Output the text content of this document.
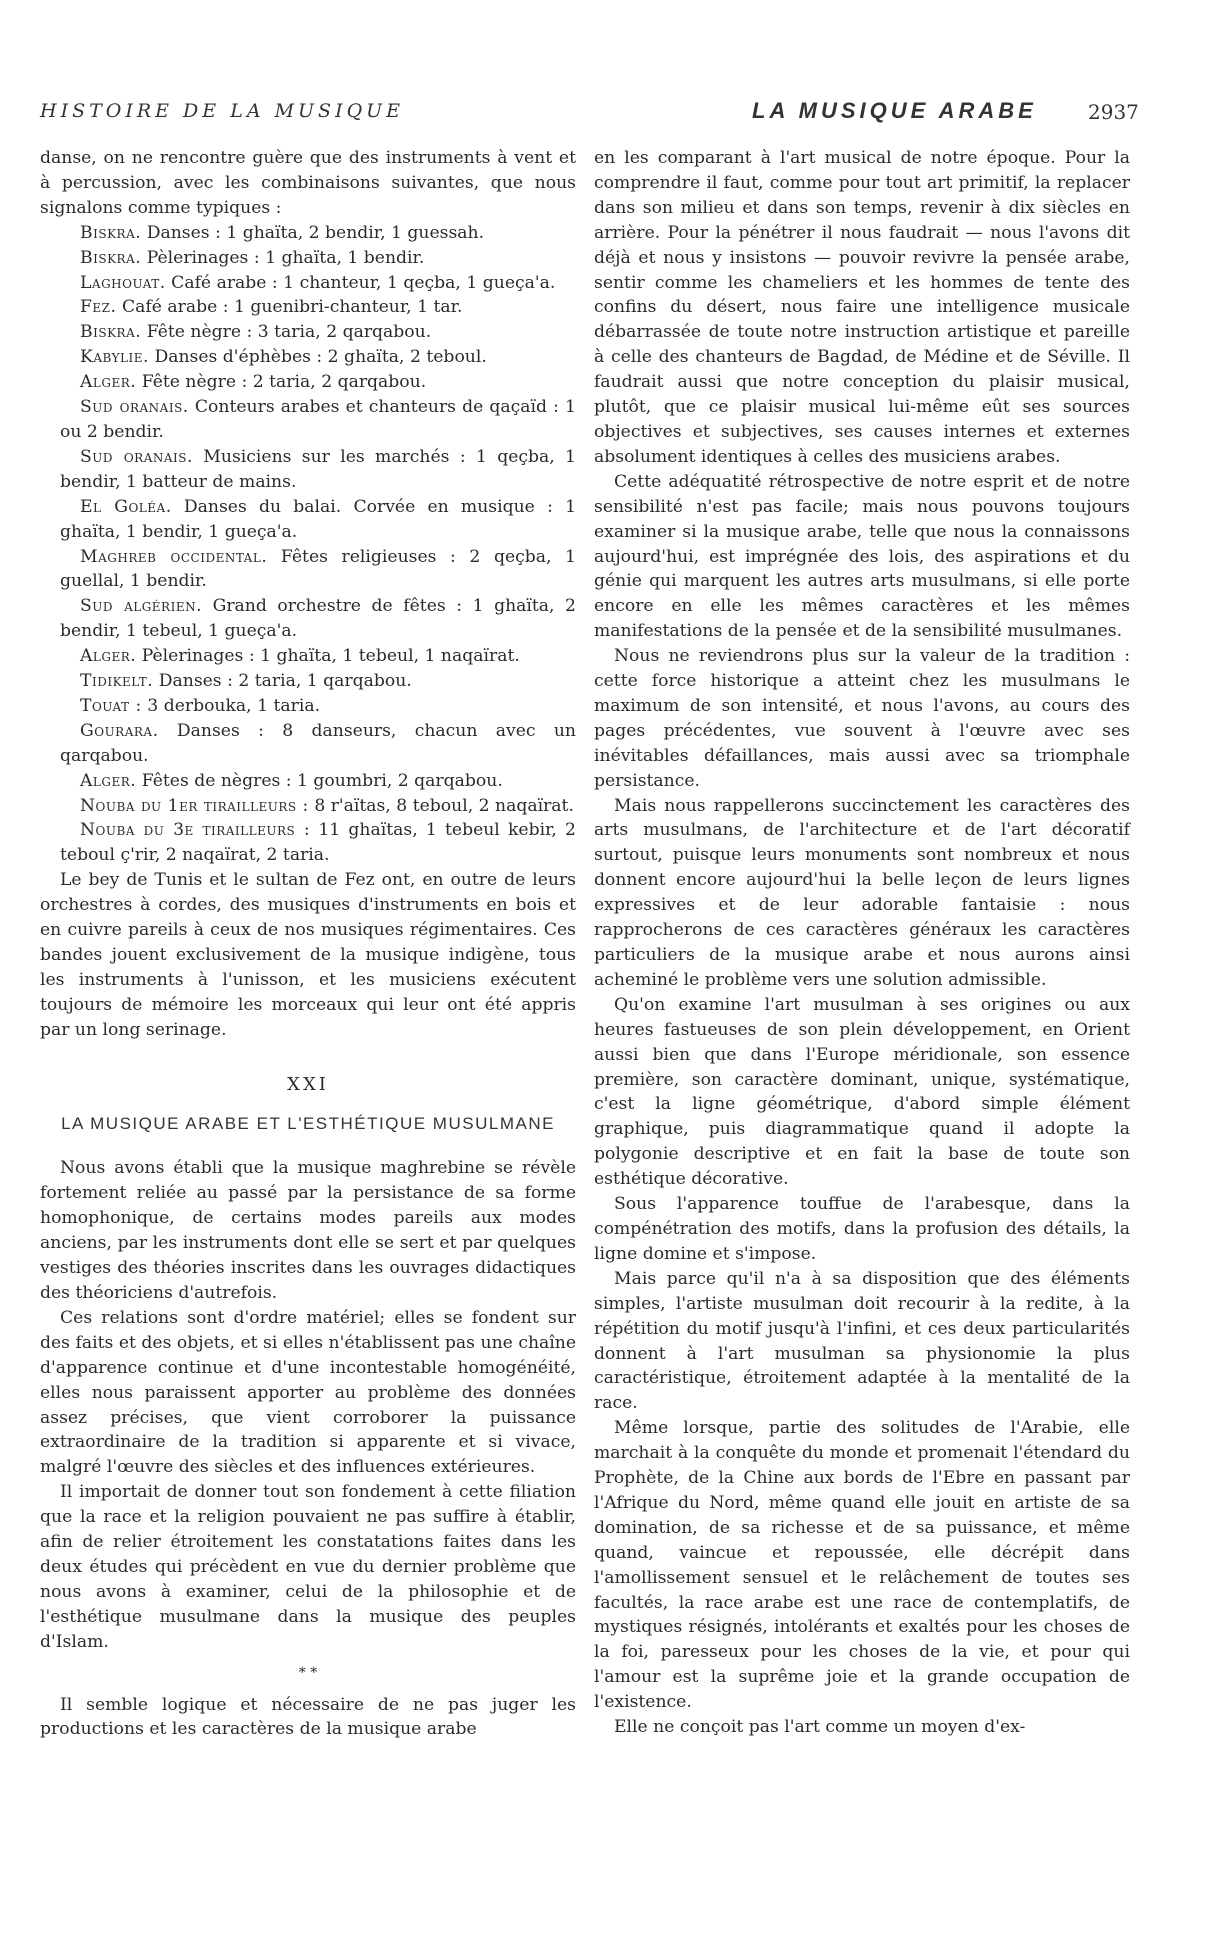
HISTOIRE DE LA MUSIQUE	LA MUSIQUE ARABE	2937

danse, on ne rencontre guère que des instruments à vent et à percussion, avec les combinaisons suivantes, que nous signalons comme typiques :

Biskra. Danses : 1 ghaïta, 2 bendir, 1 guessah.

Biskra. Pèlerinages : 1 ghaïta, 1 bendir.

Laghouat. Café arabe : 1 chanteur, 1 qeçba, 1 gueça'a.

Fez. Café arabe : 1 guenibri-chanteur, 1 tar.

Biskra. Fête nègre : 3 taria, 2 qarqabou.

Kabylie. Danses d'éphèbes : 2 ghaïta, 2 teboul.

Alger. Fête nègre : 2 taria, 2 qarqabou.

Sud oranais. Conteurs arabes et chanteurs de qaçaïd : 1 ou 2 bendir.

Sud oranais. Musiciens sur les marchés : 1 qeçba, 1 bendir, 1 batteur de mains.

El Goléa. Danses du balai. Corvée en musique : 1 ghaïta, 1 bendir, 1 gueça'a.

Maghreb occidental. Fêtes religieuses : 2 qeçba, 1 guellal, 1 bendir.

Sud algérien. Grand orchestre de fêtes : 1 ghaïta, 2 bendir, 1 tebeul, 1 gueça'a.

Alger. Pèlerinages : 1 ghaïta, 1 tebeul, 1 naqaïrat.

Tidikelt. Danses : 2 taria, 1 qarqabou.

Touat : 3 derbouka, 1 taria.

Gourara. Danses : 8 danseurs, chacun avec un qarqabou.

Alger. Fêtes de nègres : 1 goumbri, 2 qarqabou.

Nouba du 1er tirailleurs : 8 r'aïtas, 8 teboul, 2 naqaïrat.

Nouba du 3e tirailleurs : 11 ghaïtas, 1 tebeul kebir, 2 teboul ç'rir, 2 naqaïrat, 2 taria.

Le bey de Tunis et le sultan de Fez ont, en outre de leurs orchestres à cordes, des musiques d'instruments en bois et en cuivre pareils à ceux de nos musiques régimentaires. Ces bandes jouent exclusivement de la musique indigène, tous les instruments à l'unisson, et les musiciens exécutent toujours de mémoire les morceaux qui leur ont été appris par un long serinage.

XXI
LA MUSIQUE ARABE ET L'ESTHÉTIQUE MUSULMANE

Nous avons établi que la musique maghrebine se révèle fortement reliée au passé par la persistance de sa forme homophonique, de certains modes pareils aux modes anciens, par les instruments dont elle se sert et par quelques vestiges des théories inscrites dans les ouvrages didactiques des théoriciens d'autrefois.

Ces relations sont d'ordre matériel; elles se fondent sur des faits et des objets, et si elles n'établissent pas une chaîne d'apparence continue et d'une incontestable homogénéité, elles nous paraissent apporter au problème des données assez précises, que vient corroborer la puissance extraordinaire de la tradition si apparente et si vivace, malgré l'œuvre des siècles et des influences extérieures.

Il importait de donner tout son fondement à cette filiation que la race et la religion pouvaient ne pas suffire à établir, afin de relier étroitement les constatations faites dans les deux études qui précèdent en vue du dernier problème que nous avons à examiner, celui de la philosophie et de l'esthétique musulmane dans la musique des peuples d'Islam.

* *

Il semble logique et nécessaire de ne pas juger les productions et les caractères de la musique arabe

en les comparant à l'art musical de notre époque. Pour la comprendre il faut, comme pour tout art primitif, la replacer dans son milieu et dans son temps, revenir à dix siècles en arrière. Pour la pénétrer il nous faudrait — nous l'avons dit déjà et nous y insistons — pouvoir revivre la pensée arabe, sentir comme les chameliers et les hommes de tente des confins du désert, nous faire une intelligence musicale débarrassée de toute notre instruction artistique et pareille à celle des chanteurs de Bagdad, de Médine et de Séville. Il faudrait aussi que notre conception du plaisir musical, plutôt, que ce plaisir musical lui-même eût ses sources objectives et subjectives, ses causes internes et externes absolument identiques à celles des musiciens arabes.

Cette adéquatité rétrospective de notre esprit et de notre sensibilité n'est pas facile; mais nous pouvons toujours examiner si la musique arabe, telle que nous la connaissons aujourd'hui, est imprégnée des lois, des aspirations et du génie qui marquent les autres arts musulmans, si elle porte encore en elle les mêmes caractères et les mêmes manifestations de la pensée et de la sensibilité musulmanes.

Nous ne reviendrons plus sur la valeur de la tradition : cette force historique a atteint chez les musulmans le maximum de son intensité, et nous l'avons, au cours des pages précédentes, vue souvent à l'œuvre avec ses inévitables défaillances, mais aussi avec sa triomphale persistance.

Mais nous rappellerons succinctement les caractères des arts musulmans, de l'architecture et de l'art décoratif surtout, puisque leurs monuments sont nombreux et nous donnent encore aujourd'hui la belle leçon de leurs lignes expressives et de leur adorable fantaisie : nous rapprocherons de ces caractères généraux les caractères particuliers de la musique arabe et nous aurons ainsi acheminé le problème vers une solution admissible.

Qu'on examine l'art musulman à ses origines ou aux heures fastueuses de son plein développement, en Orient aussi bien que dans l'Europe méridionale, son essence première, son caractère dominant, unique, systématique, c'est la ligne géométrique, d'abord simple élément graphique, puis diagrammatique quand il adopte la polygonie descriptive et en fait la base de toute son esthétique décorative.

Sous l'apparence touffue de l'arabesque, dans la compénétration des motifs, dans la profusion des détails, la ligne domine et s'impose.

Mais parce qu'il n'a à sa disposition que des éléments simples, l'artiste musulman doit recourir à la redite, à la répétition du motif jusqu'à l'infini, et ces deux particularités donnent à l'art musulman sa physionomie la plus caractéristique, étroitement adaptée à la mentalité de la race.

Même lorsque, partie des solitudes de l'Arabie, elle marchait à la conquête du monde et promenait l'étendard du Prophète, de la Chine aux bords de l'Ebre en passant par l'Afrique du Nord, même quand elle jouit en artiste de sa domination, de sa richesse et de sa puissance, et même quand, vaincue et repoussée, elle décrépit dans l'amollissement sensuel et le relâchement de toutes ses facultés, la race arabe est une race de contemplatifs, de mystiques résignés, intolérants et exaltés pour les choses de la foi, paresseux pour les choses de la vie, et pour qui l'amour est la suprême joie et la grande occupation de l'existence.

Elle ne conçoit pas l'art comme un moyen d'ex-
